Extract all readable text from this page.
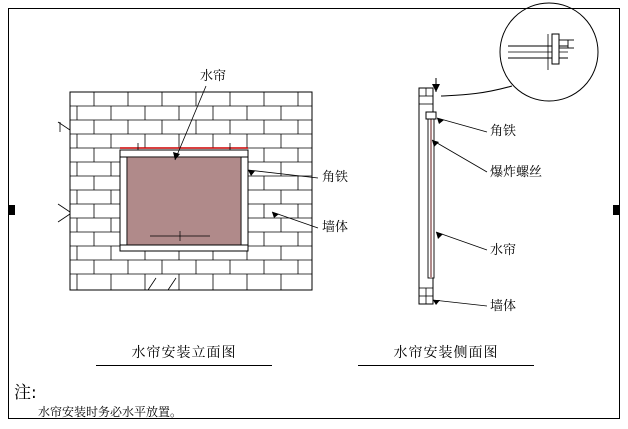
水帘
角铁
墙体
角铁
爆炸螺丝
水帘
墙体
水帘安装立面图	水帘安装侧面图
注:
水帘安装时务必水平放置。
